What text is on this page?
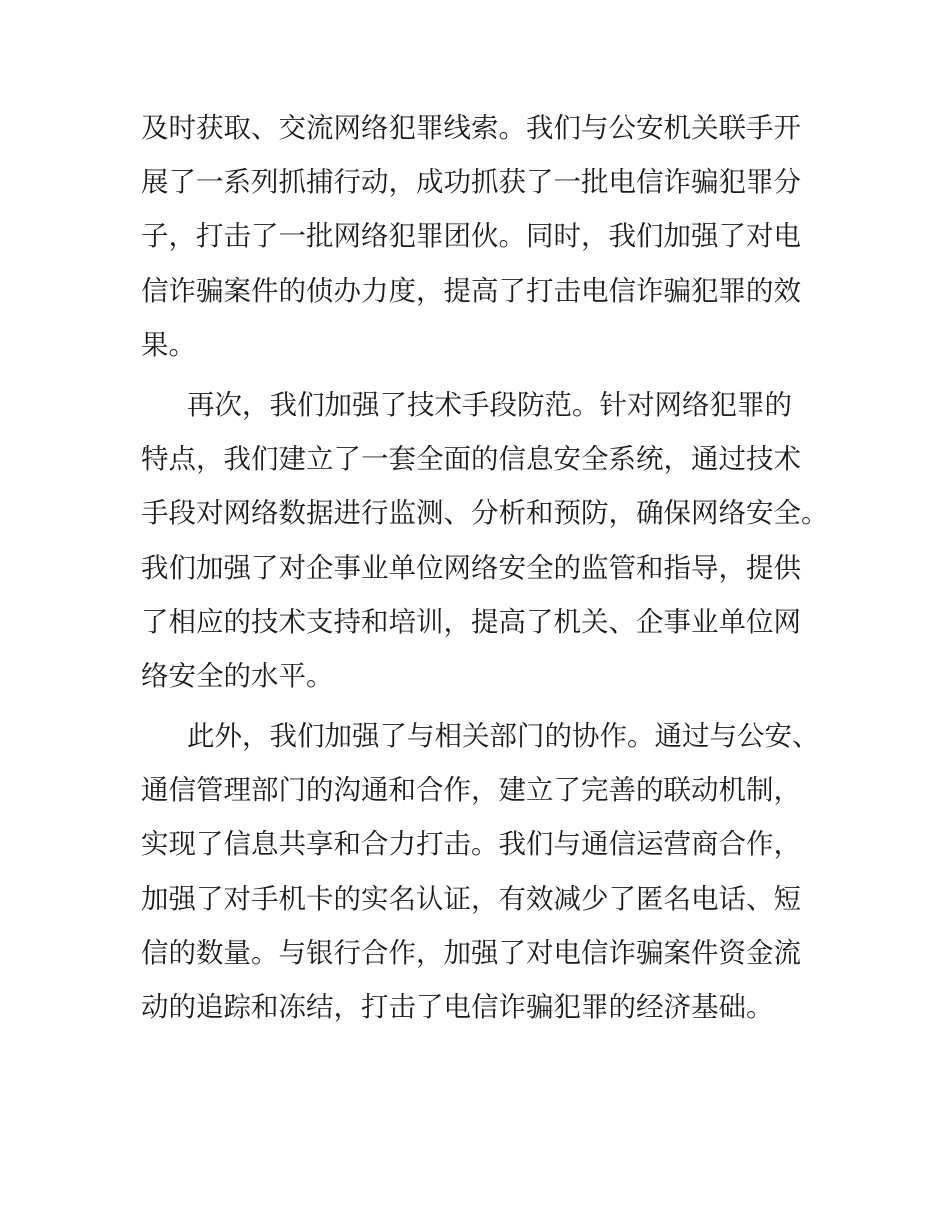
及时获取、交流网络犯罪线索。我们与公安机关联手开
展了一系列抓捕行动，成功抓获了一批电信诈骗犯罪分
子，打击了一批网络犯罪团伙。同时，我们加强了对电
信诈骗案件的侦办力度，提高了打击电信诈骗犯罪的效
果。
再次，我们加强了技术手段防范。针对网络犯罪的
特点，我们建立了一套全面的信息安全系统，通过技术
手段对网络数据进行监测、分析和预防，确保网络安全。
我们加强了对企事业单位网络安全的监管和指导，提供
了相应的技术支持和培训，提高了机关、企事业单位网
络安全的水平。
此外，我们加强了与相关部门的协作。通过与公安、
通信管理部门的沟通和合作，建立了完善的联动机制，
实现了信息共享和合力打击。我们与通信运营商合作，
加强了对手机卡的实名认证，有效减少了匿名电话、短
信的数量。与银行合作，加强了对电信诈骗案件资金流
动的追踪和冻结，打击了电信诈骗犯罪的经济基础。
